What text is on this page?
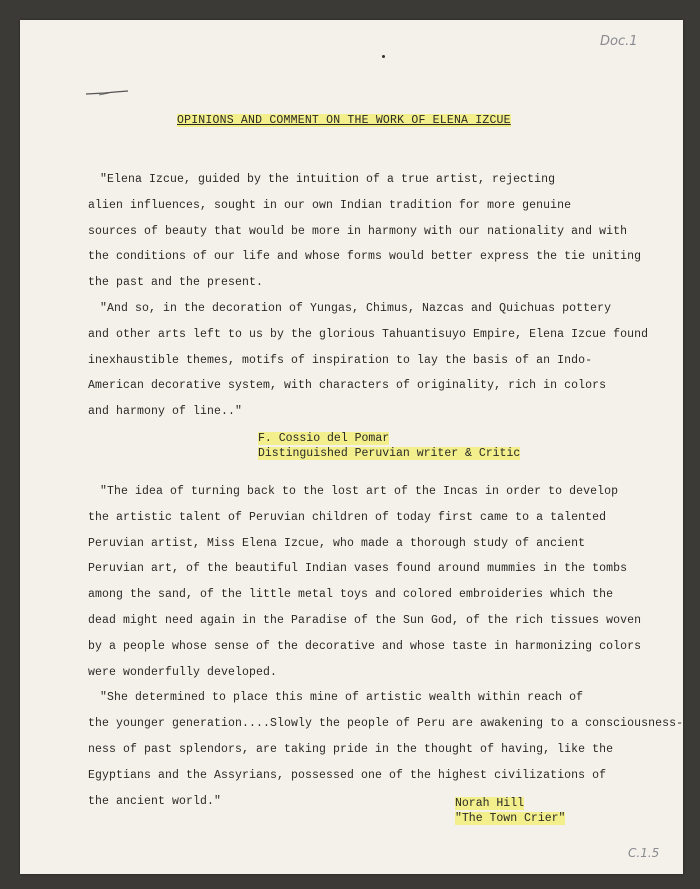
Doc.1
C.1.5
OPINIONS AND COMMENT ON THE WORK OF ELENA IZCUE
"Elena Izcue, guided by the intuition of a true artist, rejecting
alien influences, sought in our own Indian tradition for more genuine
sources of beauty that would be more in harmony with our nationality and with
the conditions of our life and whose forms would better express the tie uniting
the past and the present.
"And so, in the decoration of Yungas, Chimus, Nazcas and Quichuas pottery
and other arts left to us by the glorious Tahuantisuyo Empire, Elena Izcue found
inexhaustible themes, motifs of inspiration to lay the basis of an Indo-
American decorative system, with characters of originality, rich in colors
and harmony of line.."
F. Cossio del Pomar
Distinguished Peruvian writer & Critic
"The idea of turning back to the lost art of the Incas in order to develop
the artistic talent of Peruvian children of today first came to a talented
Peruvian artist, Miss Elena Izcue, who made a thorough study of ancient
Peruvian art, of the beautiful Indian vases found around mummies in the tombs
among the sand, of the little metal toys and colored embroideries which the
dead might need again in the Paradise of the Sun God, of the rich tissues woven
by a people whose sense of the decorative and whose taste in harmonizing colors
were wonderfully developed.
"She determined to place this mine of artistic wealth within reach of
the younger generation....Slowly the people of Peru are awakening to a consciousness-
ness of past splendors, are taking pride in the thought of having, like the
Egyptians and the Assyrians, possessed one of the highest civilizations of
the ancient world."	Norah Hill
"The Town Crier"
